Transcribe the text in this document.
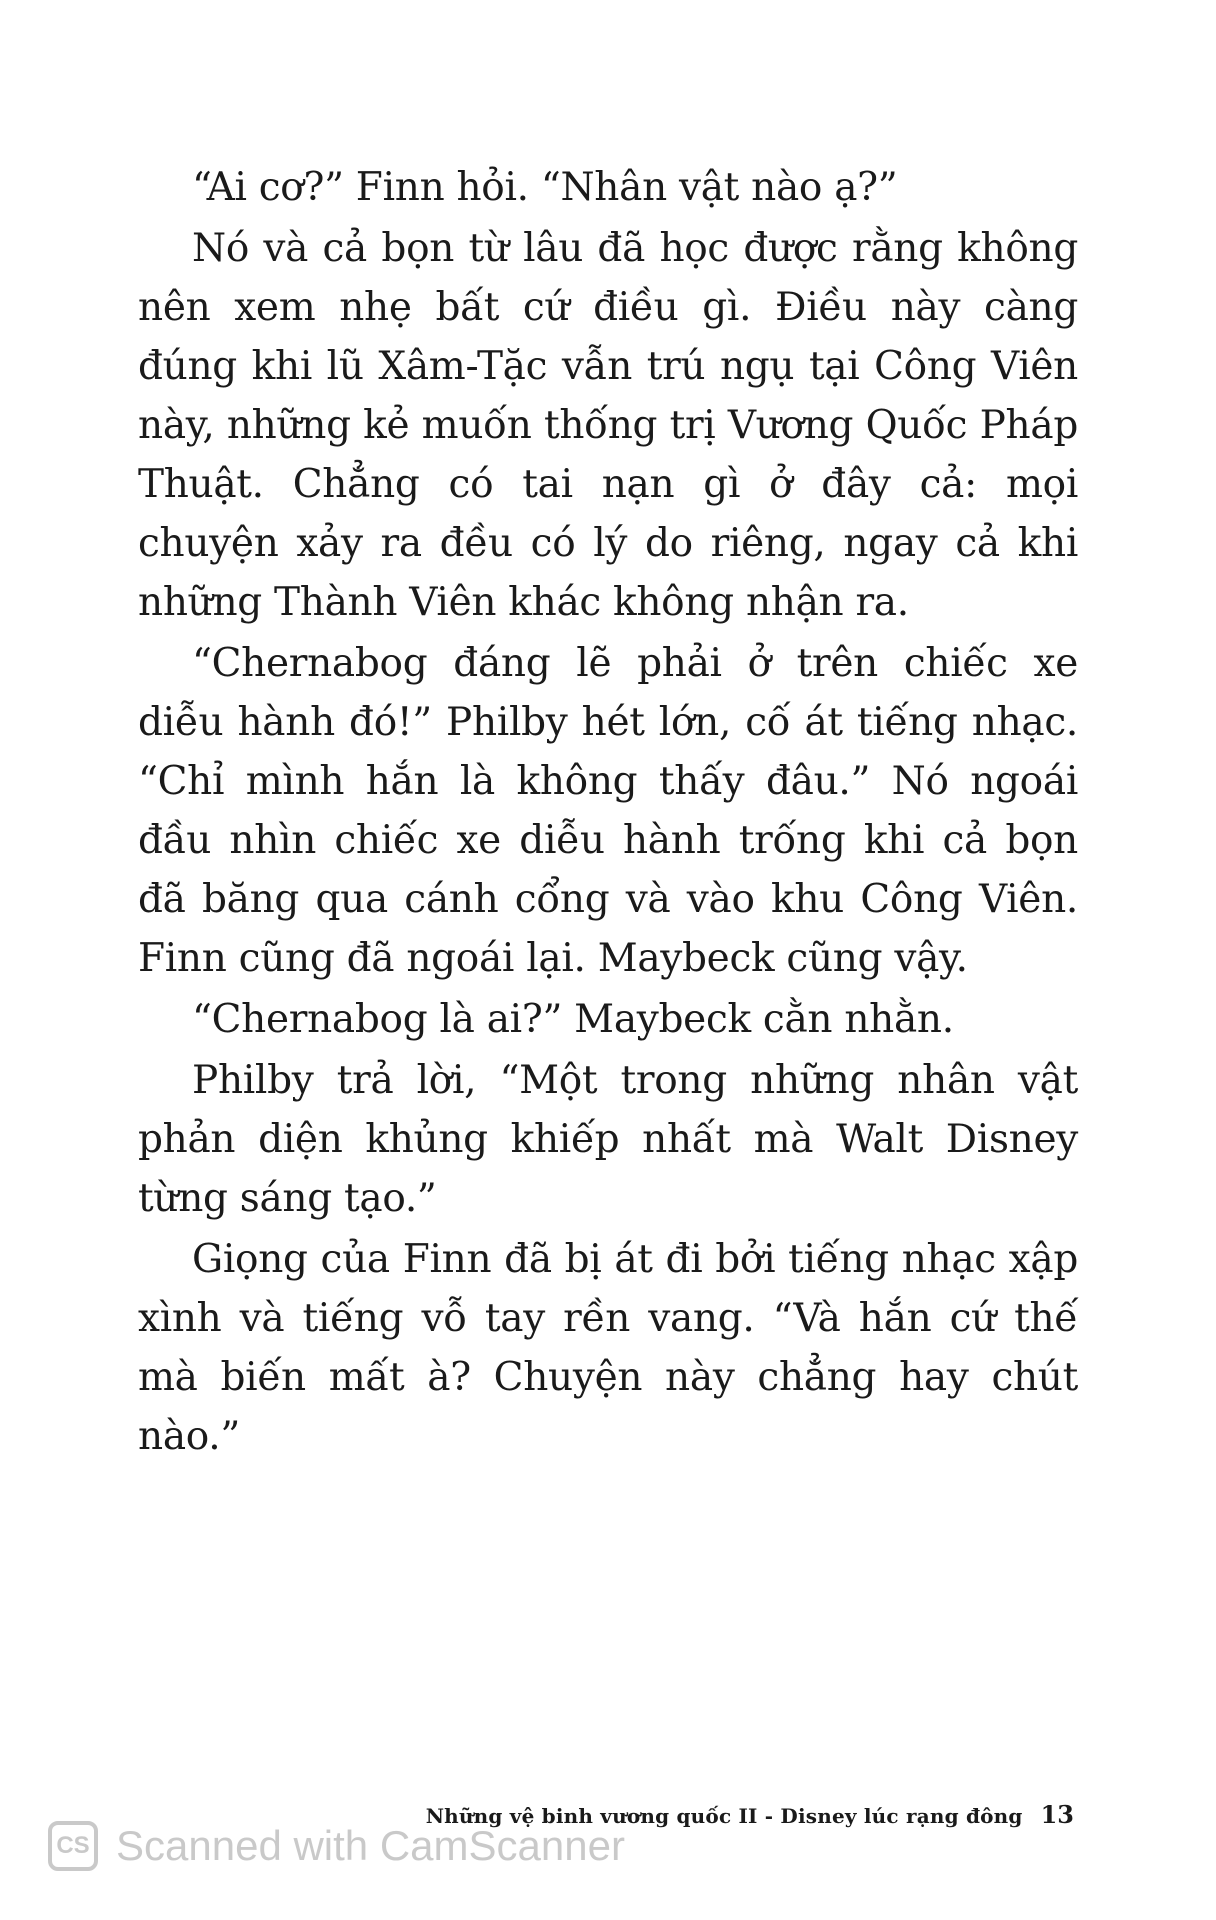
“Ai cơ?” Finn hỏi. “Nhân vật nào ạ?”

Nó và cả bọn từ lâu đã học được rằng không nên xem nhẹ bất cứ điều gì. Điều này càng đúng khi lũ Xâm-Tặc vẫn trú ngụ tại Công Viên này, những kẻ muốn thống trị Vương Quốc Pháp Thuật. Chẳng có tai nạn gì ở đây cả: mọi chuyện xảy ra đều có lý do riêng, ngay cả khi những Thành Viên khác không nhận ra.

“Chernabog đáng lẽ phải ở trên chiếc xe diễu hành đó!” Philby hét lớn, cố át tiếng nhạc. “Chỉ mình hắn là không thấy đâu.” Nó ngoái đầu nhìn chiếc xe diễu hành trống khi cả bọn đã băng qua cánh cổng và vào khu Công Viên. Finn cũng đã ngoái lại. Maybeck cũng vậy.

“Chernabog là ai?” Maybeck cằn nhằn.

Philby trả lời, “Một trong những nhân vật phản diện khủng khiếp nhất mà Walt Disney từng sáng tạo.”

Giọng của Finn đã bị át đi bởi tiếng nhạc xập xình và tiếng vỗ tay rền vang. “Và hắn cứ thế mà biến mất à? Chuyện này chẳng hay chút nào.”

Những vệ binh vương quốc II - Disney lúc rạng đông 13
CS Scanned with CamScanner
